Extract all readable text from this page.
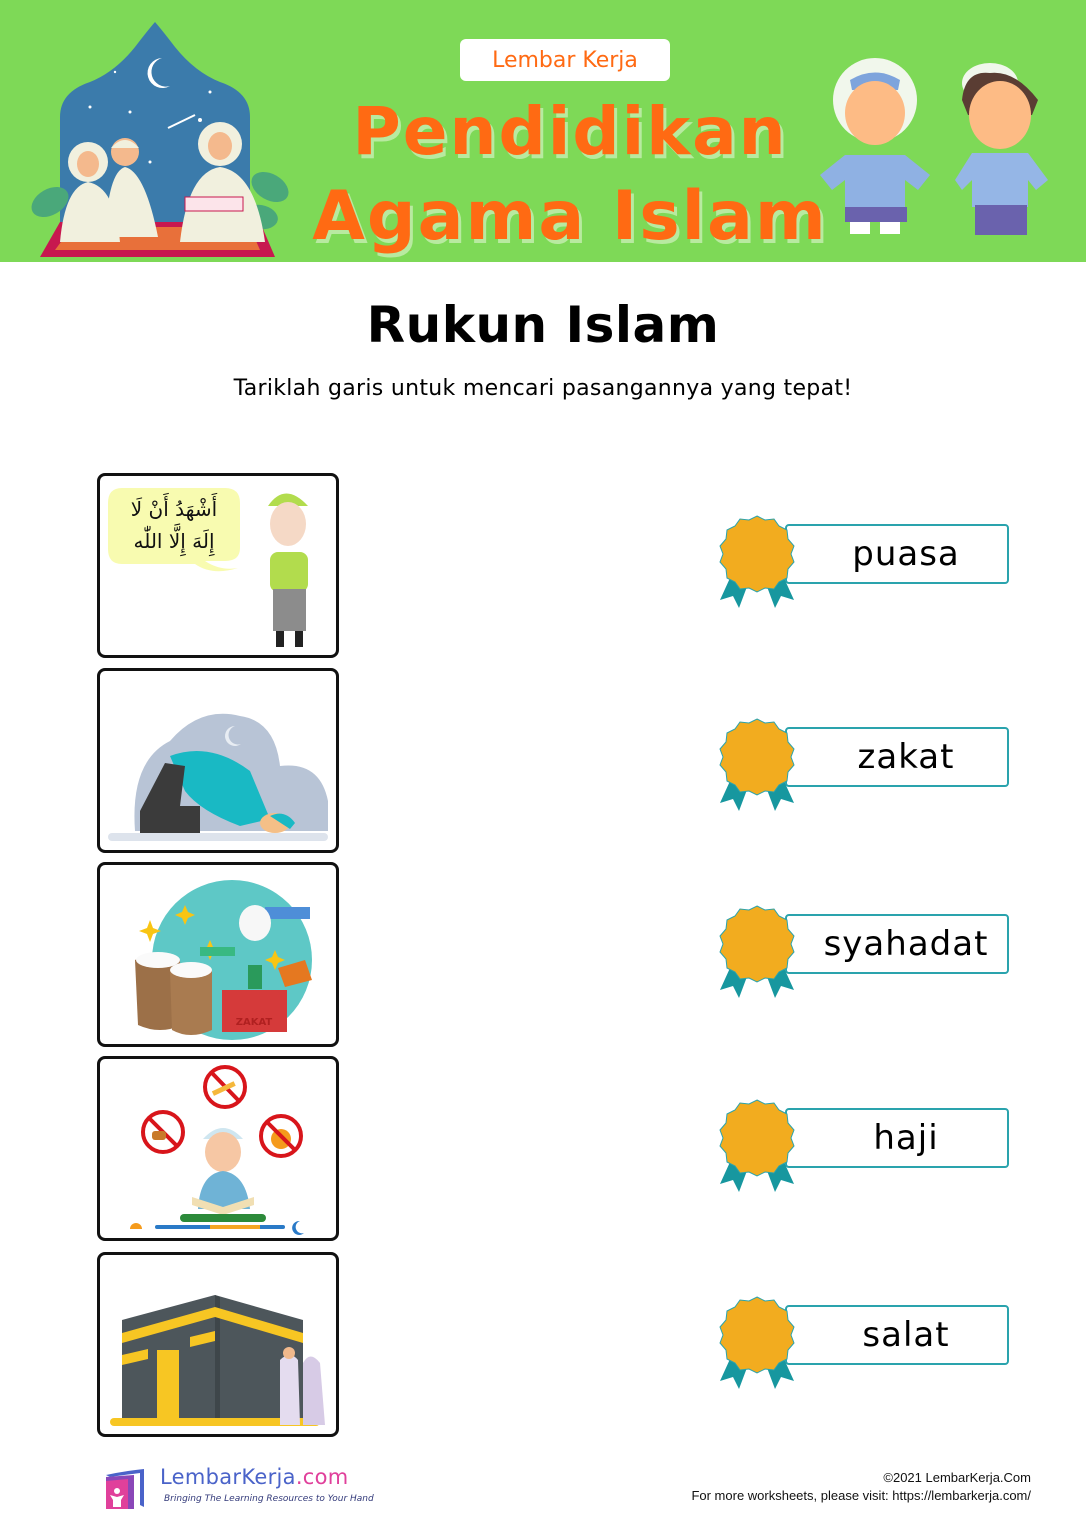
Lembar Kerja
Pendidikan
Agama Islam
Rukun Islam
Tariklah garis untuk mencari pasangannya yang tepat!
أَشْهَدُ أَنْ لَا
إِلَهَ إِلَّا اللّٰه
ZAKAT
puasa
zakat
syahadat
haji
salat
LembarKerja.com
Bringing The Learning Resources to Your Hand
©2021 LembarKerja.Com
For more worksheets, please visit: https://lembarkerja.com/
